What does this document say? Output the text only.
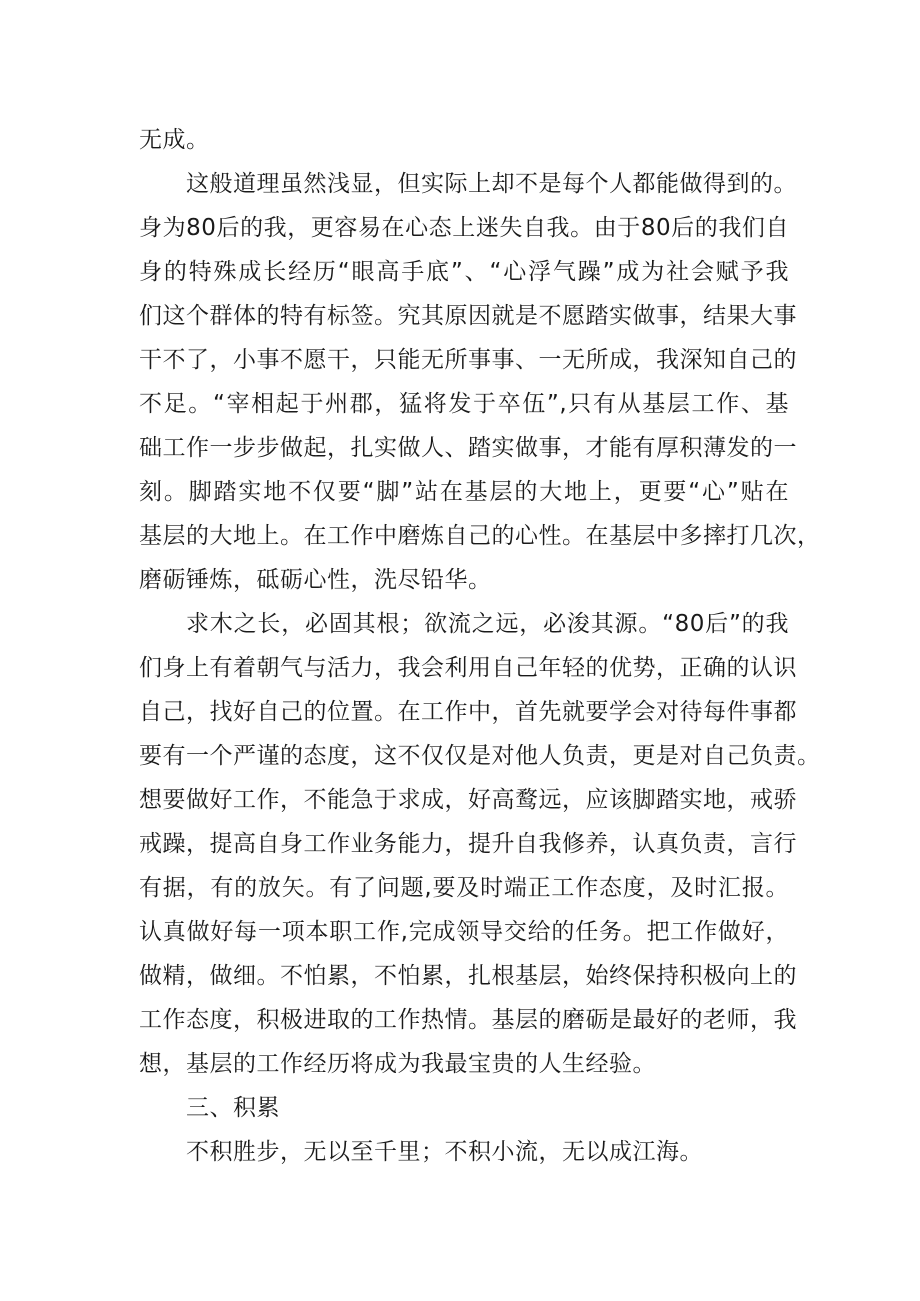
无成。
这般道理虽然浅显，但实际上却不是每个人都能做得到的。
身为80后的我，更容易在心态上迷失自我。由于80后的我们自
身的特殊成长经历“眼高手底”、“心浮气躁”成为社会赋予我
们这个群体的特有标签。究其原因就是不愿踏实做事，结果大事
干不了，小事不愿干，只能无所事事、一无所成，我深知自己的
不足。“宰相起于州郡，猛将发于卒伍”,只有从基层工作、基
础工作一步步做起，扎实做人、踏实做事，才能有厚积薄发的一
刻。脚踏实地不仅要“脚”站在基层的大地上，更要“心”贴在
基层的大地上。在工作中磨炼自己的心性。在基层中多摔打几次，
磨砺锤炼，砥砺心性，洗尽铅华。
求木之长，必固其根；欲流之远，必浚其源。“80后”的我
们身上有着朝气与活力，我会利用自己年轻的优势，正确的认识
自己，找好自己的位置。在工作中，首先就要学会对待每件事都
要有一个严谨的态度，这不仅仅是对他人负责，更是对自己负责。
想要做好工作，不能急于求成，好高鹜远，应该脚踏实地，戒骄
戒躁，提高自身工作业务能力，提升自我修养，认真负责，言行
有据，有的放矢。有了问题,要及时端正工作态度，及时汇报。
认真做好每一项本职工作,完成领导交给的任务。把工作做好，
做精，做细。不怕累，不怕累，扎根基层，始终保持积极向上的
工作态度，积极进取的工作热情。基层的磨砺是最好的老师，我
想，基层的工作经历将成为我最宝贵的人生经验。
三、积累
不积胜步，无以至千里；不积小流，无以成江海。
